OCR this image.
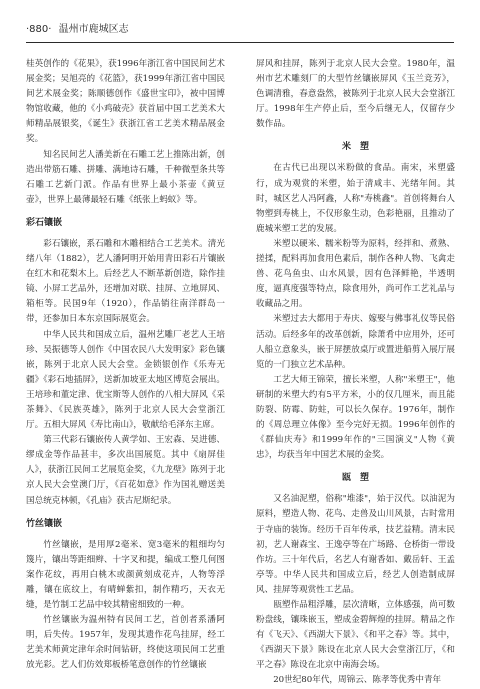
·880· 温州市鹿城区志

桂英创作的《花果》，获1996年浙江省中国民间艺术展金奖；吴旭亮的《花篮》，获1999年浙江省中国民间艺术展金奖；陈顺德创作《盛世宝印》，被中国博物馆收藏，他的《小鸡破壳》获首届中国工艺美术大师精品展银奖，《诞生》获浙江省工艺美术精品展金奖。

知名民间艺人潘美新在石雕工艺上推陈出新，创造出带筋石雕、拼雕、满地诗石雕，千种微型条共等石雕工艺新门派。作品有世界上最小茶壶《黄豆壶》，世界上最薄最轻石雕《纸张上蚂蚁》等。

彩石镶嵌

彩石镶嵌，系石雕和木雕相结合工艺美术。清光绪八年（1882），艺人潘阿明开始用青田彩石片镶嵌在红木和花梨木上。后经艺人不断革新创造，除作挂镜、小屏工艺品外，还增加对联、挂屏、立地屏风、箱柜等。民国9年（1920），作品销往南洋群岛一带，还参加日本东京国际展览会。

中华人民共和国成立后，温州艺雕厂老艺人王培珍、吴振德等人创作《中国农民八大发明家》彩色镶嵌，陈列于北京人民大会堂。金锁银创作《乐寿无疆》《彩石地插屏》，送新加坡亚太地区博览会展出。王培珍和董定津、优宝斯等人创作的八相大屏风《采茶舞》、《民族英雄》，陈列于北京人民大会堂浙江厅。五相大屏风《寿比南山》，敬献给毛泽东主席。

第三代彩石镶嵌传人黄学如、王宏森、吴进德、缪成金等作品甚丰，多次出国展览。其中《扇屏佳人》，获浙江民间工艺展览金奖，《九龙壁》陈列于北京人民大会堂澳门厅，《百花如意》作为国礼赠送美国总统克林顿，《孔庙》获古尼斯纪录。

竹丝镶嵌

竹丝镶嵌，是用厚2毫米、宽3毫米的粗细均匀篾片，镶出等距细辫、十字叉和提，编成工整几何图案作花纹，再用白桃木或颜黄刻成花卉，人物等浮雕，镶在底纹上，有晴蝉紫扣，制作精巧，天衣无缝，是竹制工艺品中较其精密细致的一种。

竹丝镶嵌为温州特有民间工艺，首创者系潘阿明，后失传。1957年，发现其遗作花鸟挂屏，经工艺美术师黄定津年余时间钻研，终使这项民间工艺重放光彩。艺人们仿效郑板桥笔意创作的竹丝镶嵌

屏风和挂屏，陈列于北京人民大会堂。1980年，温州市艺术雕刻厂的大型竹丝镶嵌屏风《玉兰竞芳》，色调清雅，春意盎然，被陈列于北京人民大会堂浙江厅。1998年生产停止后，至今后继无人，仅留存少数作品。

米　塑

在古代已出现以米粉做的食品。南宋，米塑盛行，成为观赏的米塑，始于清咸丰、光绪年间。其时，城区艺人冯阿鑫，人称"寿桃鑫"。首创将舞台人物塑到寿桃上，不仅形象生动，色彩艳丽，且推动了鹿城米塑工艺的发展。

米塑以硬米、糯米粉等为原料，经拌和、煮熟、搓揉，配料再加食用色素后，制作各种人物、飞禽走兽、花鸟鱼虫、山水风景，因有色泽鲜艳，半透明度，逼真度强等特点，除食用外，尚可作工艺礼品与收藏品之用。

米塑过去大都用于寿庆、嫁娶与佛事礼仪等民俗活动。后经多年的改革创新，除萧肴中应用外，还可人船立意象头，嵌于屏摆放桌厅或置进船剪入展厅展览的一门独立艺术品种。

工艺大师王锦荣，擅长米塑，人称"米塑王"，他研制的米塑大约有5平方米，小的仅几厘米，而且能防裂、防霉、防蛀，可以长久保存。1976年，制作的《周总理立体像》至今完好无损。1996年创作的《群仙庆寿》和1999年作的"三国演义"人物《黄忠》，均获当年中国艺术展的金奖。

瓯　塑

又名油泥塑，俗称"堆漆"，始于汉代。以油泥为原料，塑造人物、花鸟、走兽及山川风景，古时常用于寺庙的装饰。经历千百年传承，技艺益精。清末民初，艺人谢森宝、王逸亭等在广场路、仓桥街一带设作坊。三十年代后，名艺人有谢香如、戴岳轩、王孟亭等。中华人民共和国成立后，经艺人创造制成屏风、挂屏等观赏性工艺品。

瓯塑作品粗浮雕，层次清晰，立体感强，尚可数粉盘线，镶珠嵌玉，塑成金碧辉煌的挂屏。精品之作有《飞天》、《西湖大下景》、《和平之春》等。其中，《西湖天下景》陈设在北京人民大会堂浙江厅，《和平之春》陈设在北京中南海会场。

20世纪80年代，周锦云、陈孝等优秀中青年
